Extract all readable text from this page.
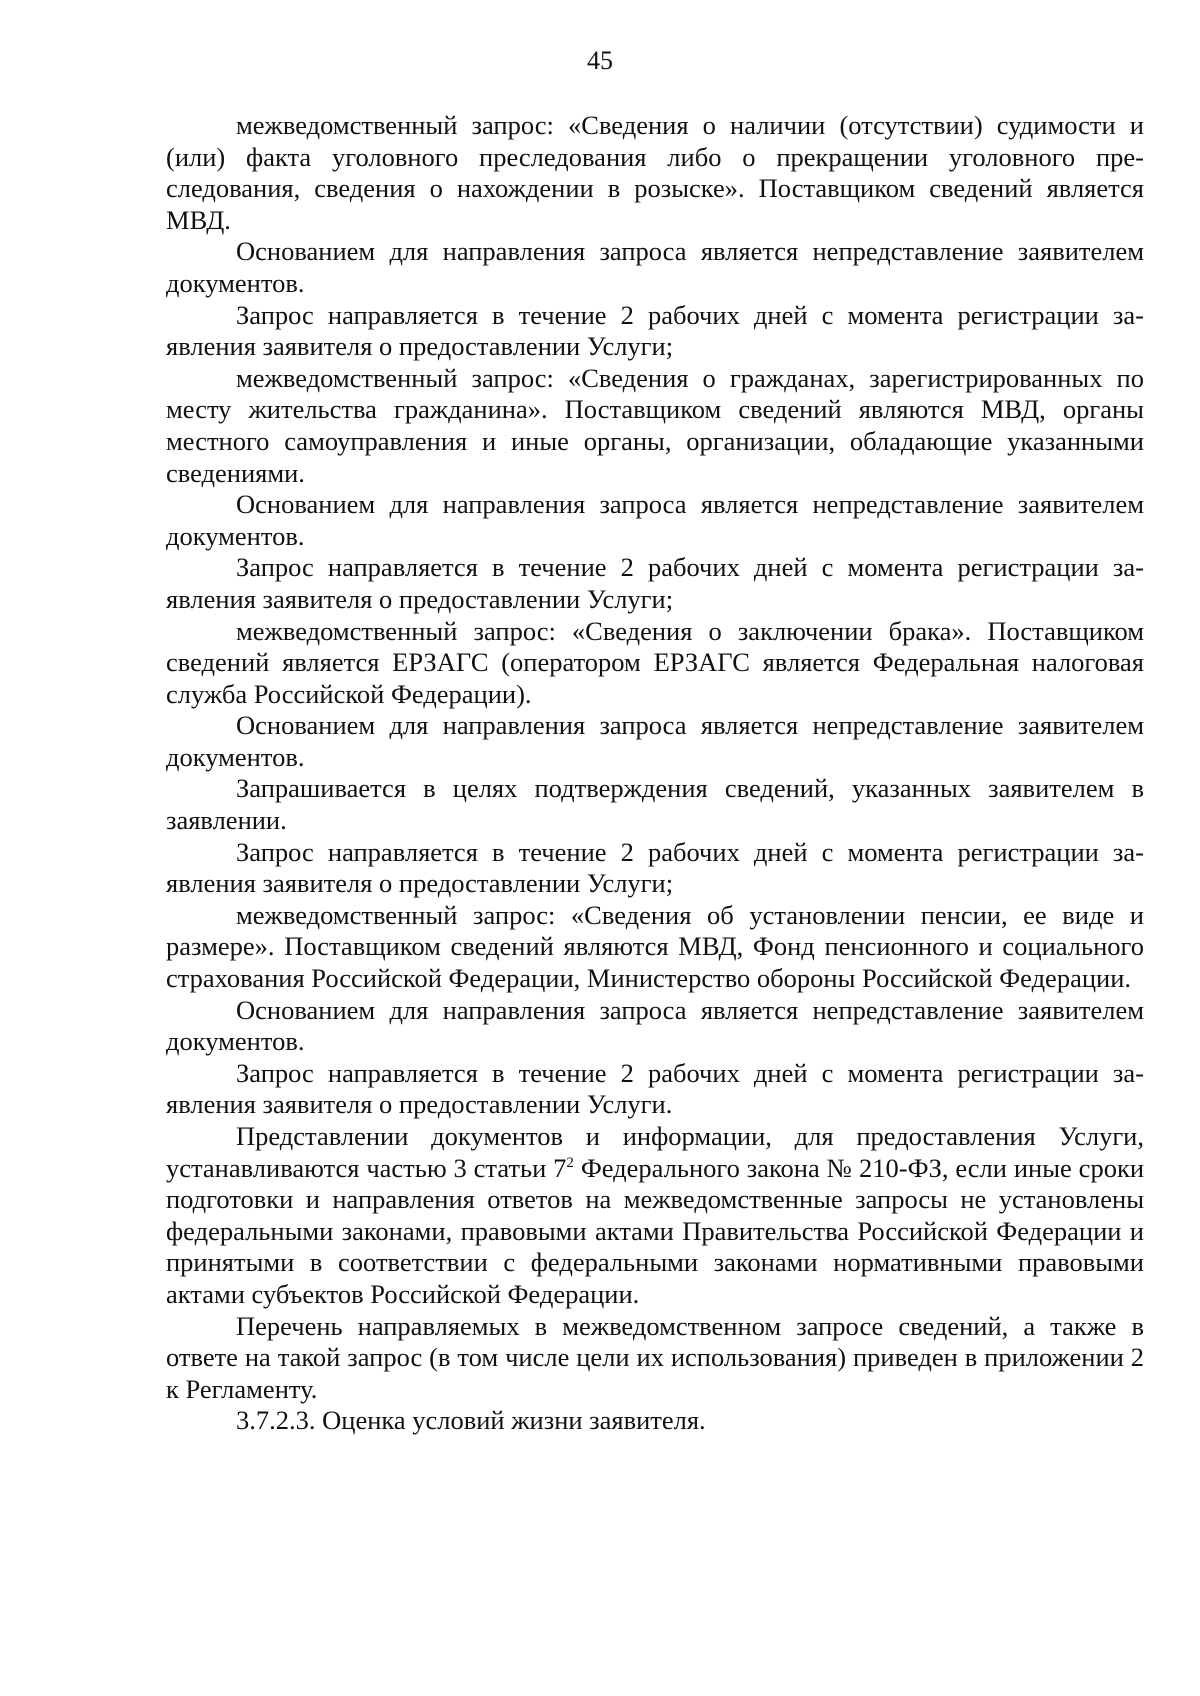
45

межведомственный запрос: «Сведения о наличии (отсутствии) судимости и (или) факта уголовного преследования либо о прекращении уголовного преследования, сведения о нахождении в розыске». Поставщиком сведений является МВД.

Основанием для направления запроса является непредставление заявителем документов.

Запрос направляется в течение 2 рабочих дней с момента регистрации заявления заявителя о предоставлении Услуги;

межведомственный запрос: «Сведения о гражданах, зарегистрированных по месту жительства гражданина». Поставщиком сведений являются МВД, органы местного самоуправления и иные органы, организации, обладающие указанными сведениями.

Основанием для направления запроса является непредставление заявителем документов.

Запрос направляется в течение 2 рабочих дней с момента регистрации заявления заявителя о предоставлении Услуги;

межведомственный запрос: «Сведения о заключении брака». Поставщиком сведений является ЕРЗАГС (оператором ЕРЗАГС является Федеральная налоговая служба Российской Федерации).

Основанием для направления запроса является непредставление заявителем документов.

Запрашивается в целях подтверждения сведений, указанных заявителем в заявлении.

Запрос направляется в течение 2 рабочих дней с момента регистрации заявления заявителя о предоставлении Услуги;

межведомственный запрос: «Сведения об установлении пенсии, ее виде и размере». Поставщиком сведений являются МВД, Фонд пенсионного и социального страхования Российской Федерации, Министерство обороны Российской Федерации.

Основанием для направления запроса является непредставление заявителем документов.

Запрос направляется в течение 2 рабочих дней с момента регистрации заявления заявителя о предоставлении Услуги.

Представлении документов и информации, для предоставления Услуги, устанавливаются частью 3 статьи $7^2$ Федерального закона № 210-ФЗ, если иные сроки подготовки и направления ответов на межведомственные запросы не установлены федеральными законами, правовыми актами Правительства Российской Федерации и принятыми в соответствии с федеральными законами нормативными правовыми актами субъектов Российской Федерации.

Перечень направляемых в межведомственном запросе сведений, а также в ответе на такой запрос (в том числе цели их использования) приведен в приложении 2 к Регламенту.

3.7.2.3. Оценка условий жизни заявителя.
